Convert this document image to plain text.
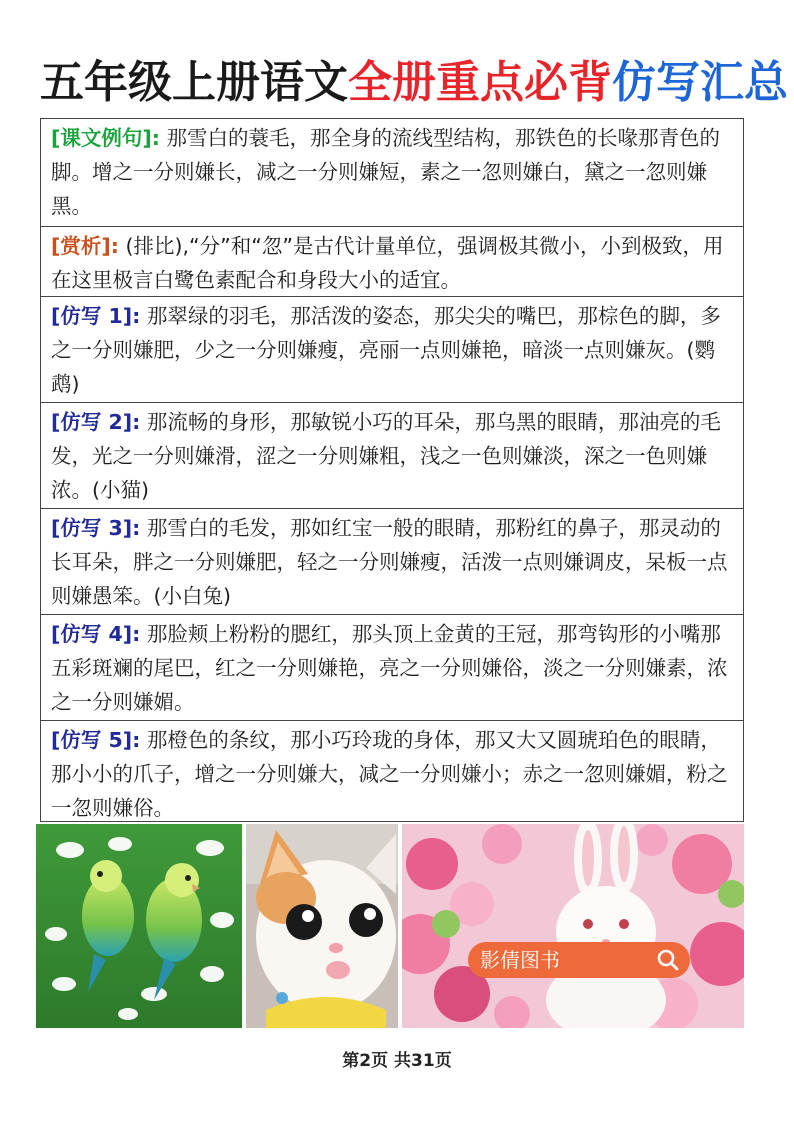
五年级上册语文全册重点必背仿写汇总
[课文例句]: 那雪白的蓑毛，那全身的流线型结构，那铁色的长喙那青色的脚。增之一分则嫌长，减之一分则嫌短，素之一忽则嫌白，黛之一忽则嫌黑。
[赏析]: (排比),“分”和“忽”是古代计量单位，强调极其微小，小到极致，用在这里极言白鹭色素配合和身段大小的适宜。
[仿写 1]: 那翠绿的羽毛，那活泼的姿态，那尖尖的嘴巴，那棕色的脚，多之一分则嫌肥，少之一分则嫌瘦，亮丽一点则嫌艳，暗淡一点则嫌灰。(鹦鹉)
[仿写 2]: 那流畅的身形，那敏锐小巧的耳朵，那乌黑的眼睛，那油亮的毛发，光之一分则嫌滑，涩之一分则嫌粗，浅之一色则嫌淡，深之一色则嫌浓。(小猫)
[仿写 3]: 那雪白的毛发，那如红宝一般的眼睛，那粉红的鼻子，那灵动的长耳朵，胖之一分则嫌肥，轻之一分则嫌瘦，活泼一点则嫌调皮，呆板一点则嫌愚笨。(小白兔)
[仿写 4]: 那脸颊上粉粉的腮红，那头顶上金黄的王冠，那弯钩形的小嘴那五彩斑斓的尾巴，红之一分则嫌艳，亮之一分则嫌俗，淡之一分则嫌素，浓之一分则嫌媚。
[仿写 5]: 那橙色的条纹，那小巧玲珑的身体，那又大又圆琥珀色的眼睛，那小小的爪子，增之一分则嫌大，减之一分则嫌小；赤之一忽则嫌媚，粉之一忽则嫌俗。
影倩图书
第2页 共31页
